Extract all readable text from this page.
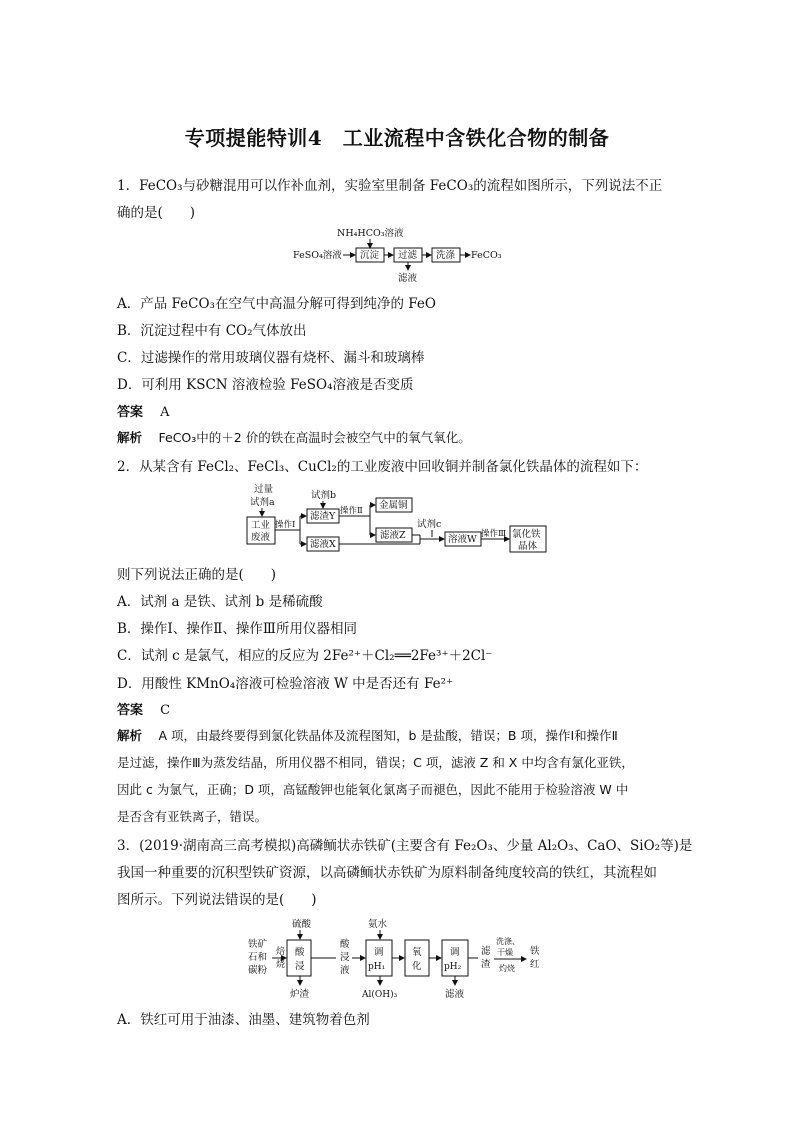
专项提能特训4　工业流程中含铁化合物的制备
1．FeCO₃与砂糖混用可以作补血剂，实验室里制备 FeCO₃的流程如图所示，下列说法不正
确的是(　　)
NH₄HCO₃溶液
FeSO₄溶液 沉淀 过滤
滤液
洗涤 FeCO₃
过量
试剂a
工业
废液
操作Ⅰ
试剂b
滤渣Y 操作Ⅱ 金属铜
滤液Z
滤液X
试剂c
溶液W 操作Ⅲ 氯化铁
晶体
铁矿
石和
碳粉
焙
烧
硫酸
酸
浸
炉渣
酸
浸
液
氨水
调
pH₁
Al(OH)₃
氧
化
调
pH₂
滤液
滤
渣
洗涤、
干燥
灼烧
铁
红
A．产品 FeCO₃在空气中高温分解可得到纯净的 FeO
B．沉淀过程中有 CO₂气体放出
C．过滤操作的常用玻璃仪器有烧杯、漏斗和玻璃棒
D．可利用 KSCN 溶液检验 FeSO₄溶液是否变质
答案　 A
解析　 FeCO₃中的＋2 价的铁在高温时会被空气中的氧气氧化。
2．从某含有 FeCl₂、FeCl₃、CuCl₂的工业废液中回收铜并制备氯化铁晶体的流程如下：
则下列说法正确的是(　　)
A．试剂 a 是铁、试剂 b 是稀硫酸
B．操作Ⅰ、操作Ⅱ、操作Ⅲ所用仪器相同
C．试剂 c 是氯气，相应的反应为 2Fe²⁺＋Cl₂══2Fe³⁺＋2Cl⁻
D．用酸性 KMnO₄溶液可检验溶液 W 中是否还有 Fe²⁺
答案　 C
解析　 A 项，由最终要得到氯化铁晶体及流程图知，b 是盐酸，错误；B 项，操作Ⅰ和操作Ⅱ
是过滤，操作Ⅲ为蒸发结晶，所用仪器不相同，错误；C 项，滤液 Z 和 X 中均含有氯化亚铁，
因此 c 为氯气，正确；D 项，高锰酸钾也能氧化氯离子而褪色，因此不能用于检验溶液 W 中
是否含有亚铁离子，错误。
3．(2019·湖南高三高考模拟)高磷鲕状赤铁矿(主要含有 Fe₂O₃、少量 Al₂O₃、CaO、SiO₂等)是
我国一种重要的沉积型铁矿资源，以高磷鲕状赤铁矿为原料制备纯度较高的铁红，其流程如
图所示。下列说法错误的是(　　)
A．铁红可用于油漆、油墨、建筑物着色剂
